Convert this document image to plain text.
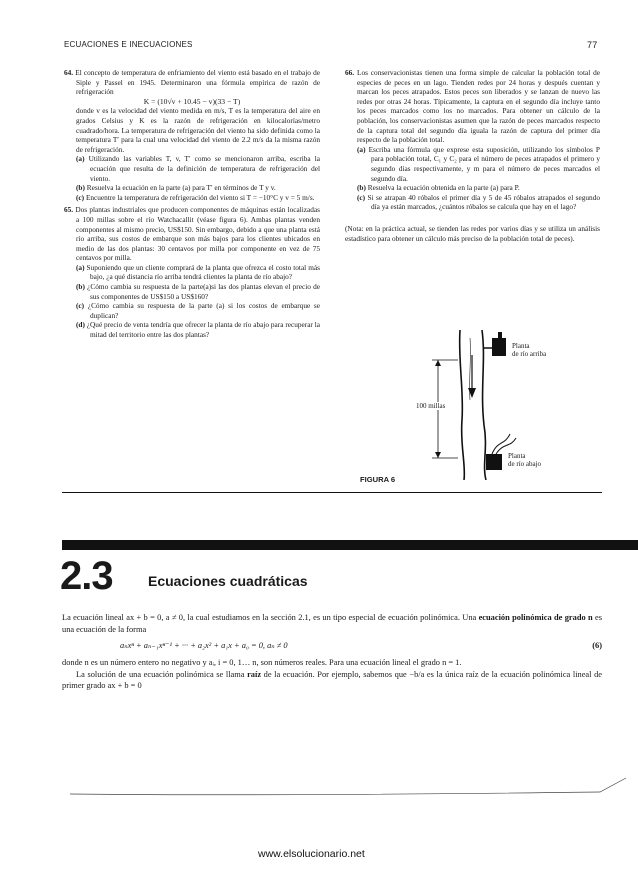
ECUACIONES E INECUACIONES	77

64. El concepto de temperatura de enfriamiento del viento está basado en el trabajo de Siple y Passel en 1945. Determinaron una fórmula empírica de razón de refrigeración

K = (10√v + 10.45 − v)(33 − T)

donde v es la velocidad del viento medida en m/s, T es la temperatura del aire en grados Celsius y K es la razón de refrigeración en kilocalorías/metro cuadrado/hora. La temperatura de refrigeración del viento ha sido definida como la temperatura T′ para la cual una velocidad del viento de 2.2 m/s da la misma razón de refrigeración.

(a) Utilizando las variables T, v, T′ como se mencionaron arriba, escriba la ecuación que resulta de la definición de temperatura de refrigeración del viento.

(b) Resuelva la ecuación en la parte (a) para T′ en términos de T y v.

(c) Encuentre la temperatura de refrigeración del viento si T = −10°C y v = 5 m/s.

65. Dos plantas industriales que producen componentes de máquinas están localizadas a 100 millas sobre el río Watchacallit (véase figura 6). Ambas plantas venden componentes al mismo precio, US$150. Sin embargo, debido a que una planta está río arriba, sus costos de embarque son más bajos para los clientes ubicados en medio de las dos plantas: 30 centavos por milla por componente en vez de 75 centavos por milla.

(a) Suponiendo que un cliente comprará de la planta que ofrezca el costo total más bajo, ¿a qué distancia río arriba tendrá clientes la planta de río abajo?

(b) ¿Cómo cambia su respuesta de la parte(a)si las dos plantas elevan el precio de sus componentes de US$150 a US$160?

(c) ¿Cómo cambia su respuesta de la parte (a) si los costos de embarque se duplican?

(d) ¿Qué precio de venta tendría que ofrecer la planta de río abajo para recuperar la mitad del territorio entre las dos plantas?

66. Los conservacionistas tienen una forma simple de calcular la población total de especies de peces en un lago. Tienden redes por 24 horas y después cuentan y marcan los peces atrapados. Estos peces son liberados y se lanzan de nuevo las redes por otras 24 horas. Típicamente, la captura en el segundo día incluye tanto los peces marcados como los no marcados. Para obtener un cálculo de la población, los conservacionistas asumen que la razón de peces marcados respecto de la captura total del segundo día iguala la razón de captura del primer día respecto de la población total.

(a) Escriba una fórmula que exprese esta suposición, utilizando los símbolos P para población total, C₁ y C₂ para el número de peces atrapados el primero y segundo días respectivamente, y m para el número de peces marcados el segundo día.

(b) Resuelva la ecuación obtenida en la parte (a) para P.

(c) Si se atrapan 40 róbalos el primer día y 5 de 45 róbalos atrapados el segundo día ya están marcados, ¿cuántos róbalos se calcula que hay en el lago?

(Nota: en la práctica actual, se tienden las redes por varios días y se utiliza un análisis estadístico para obtener un cálculo más preciso de la población total de peces).

Planta
de río arriba
100 millas
Planta
de río abajo
FIGURA 6
2.3	Ecuaciones cuadráticas

La ecuación lineal ax + b = 0, a ≠ 0, la cual estudiamos en la sección 2.1, es un tipo especial de ecuación polinómica. Una ecuación polinómica de grado n es una ecuación de la forma

aₙxⁿ + aₙ₋₁xⁿ⁻¹ + ··· + a₂x² + a₁x + a₀ = 0, aₙ ≠ 0	(6)

donde n es un número entero no negativo y aᵢ, i = 0, 1… n, son números reales. Para una ecuación lineal el grado n = 1.

La solución de una ecuación polinómica se llama raíz de la ecuación. Por ejemplo, sabemos que −b/a es la única raíz de la ecuación polinómica lineal de primer grado ax + b = 0

www.elsolucionario.net
